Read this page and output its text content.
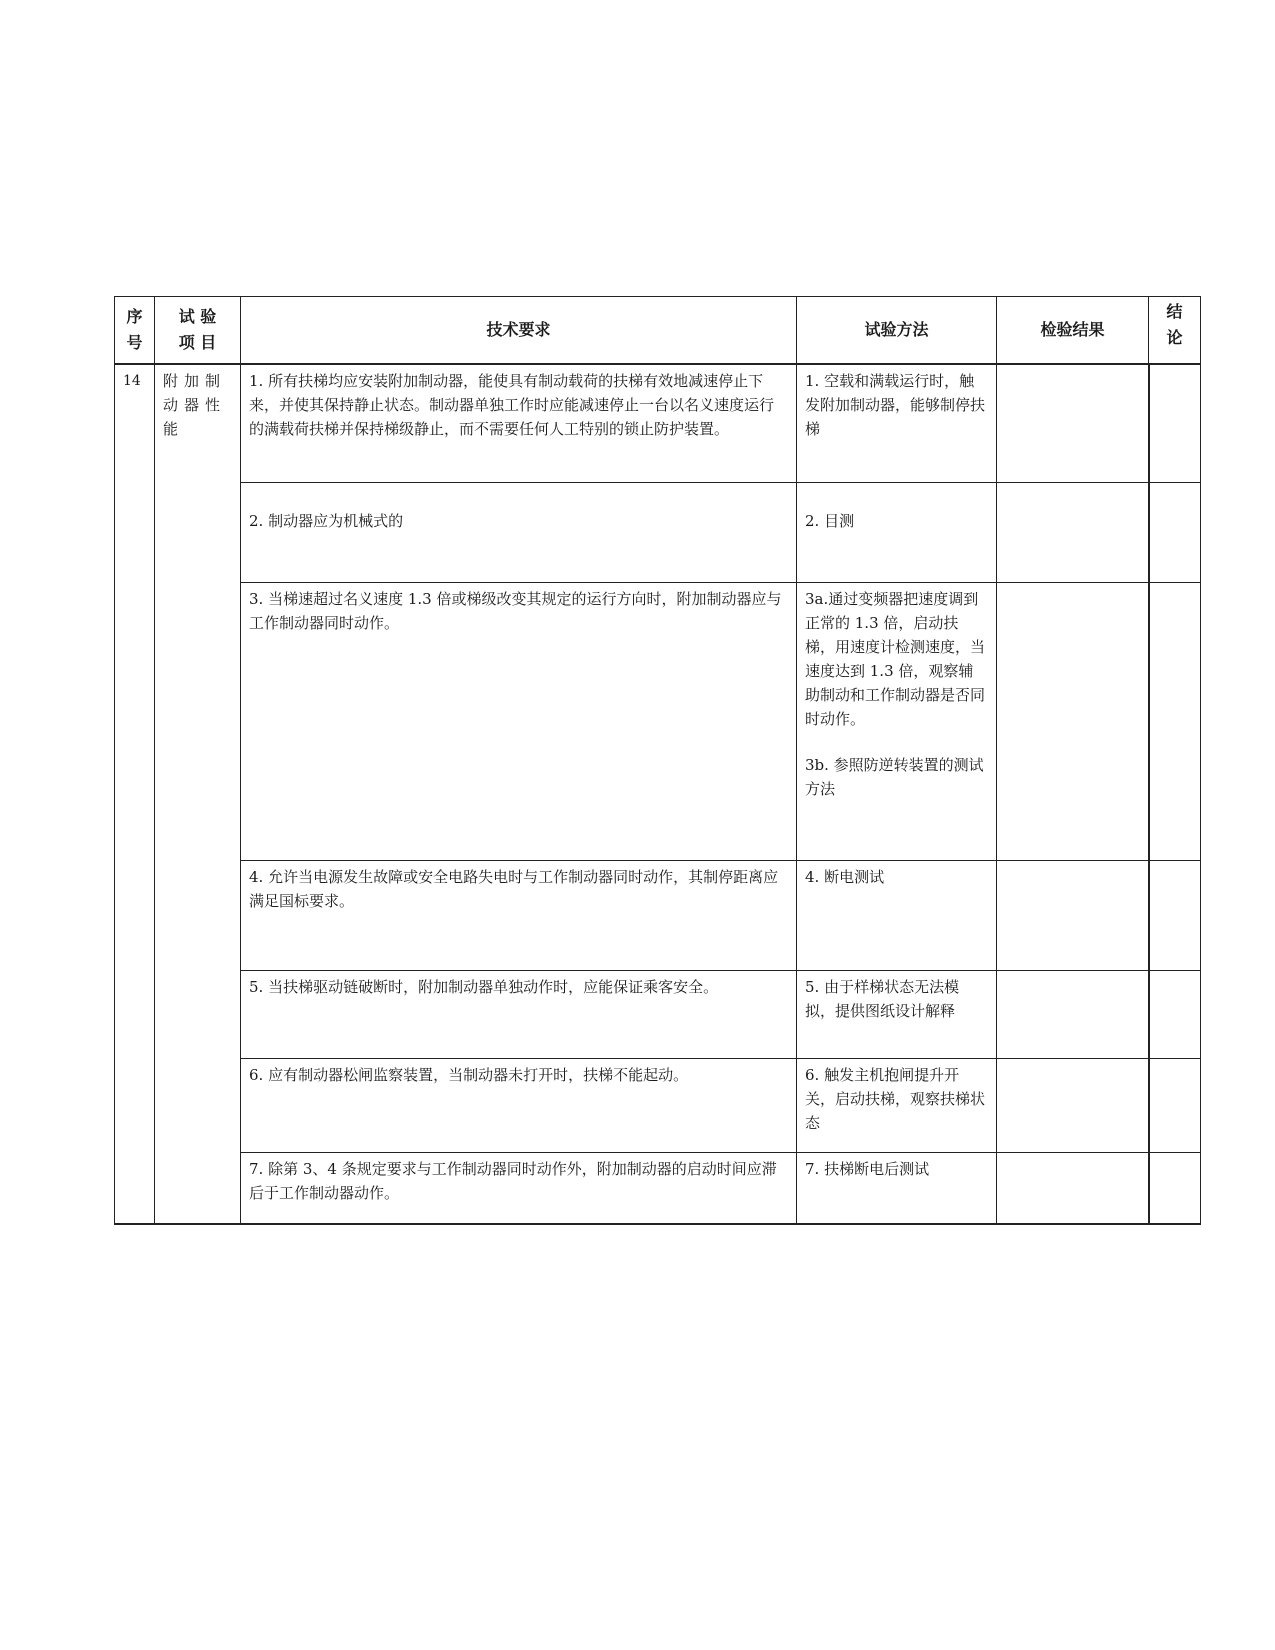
序
号	试 验
项 目	技术要求	试验方法	检验结果	结
论
14	附加制动器性能	1. 所有扶梯均应安装附加制动器，能使具有制动载荷的扶梯有效地减速停止下来，并使其保持静止状态。制动器单独工作时应能减速停止一台以名义速度运行的满载荷扶梯并保持梯级静止，而不需要任何人工特别的锁止防护装置。	1. 空载和满载运行时，触发附加制动器，能够制停扶梯		
		2. 制动器应为机械式的	2. 目测		
		3. 当梯速超过名义速度 1.3 倍或梯级改变其规定的运行方向时，附加制动器应与工作制动器同时动作。	3a.通过变频器把速度调到正常的 1.3 倍，启动扶梯，用速度计检测速度，当速度达到 1.3 倍，观察辅助制动和工作制动器是否同时动作。
3b. 参照防逆转装置的测试方法		
		4. 允许当电源发生故障或安全电路失电时与工作制动器同时动作，其制停距离应满足国标要求。	4. 断电测试		
		5. 当扶梯驱动链破断时，附加制动器单独动作时，应能保证乘客安全。	5. 由于样梯状态无法模拟，提供图纸设计解释		
		6. 应有制动器松闸监察装置，当制动器未打开时，扶梯不能起动。	6. 触发主机抱闸提升开关，启动扶梯，观察扶梯状态		
		7. 除第 3、4 条规定要求与工作制动器同时动作外，附加制动器的启动时间应滞后于工作制动器动作。	7. 扶梯断电后测试		
